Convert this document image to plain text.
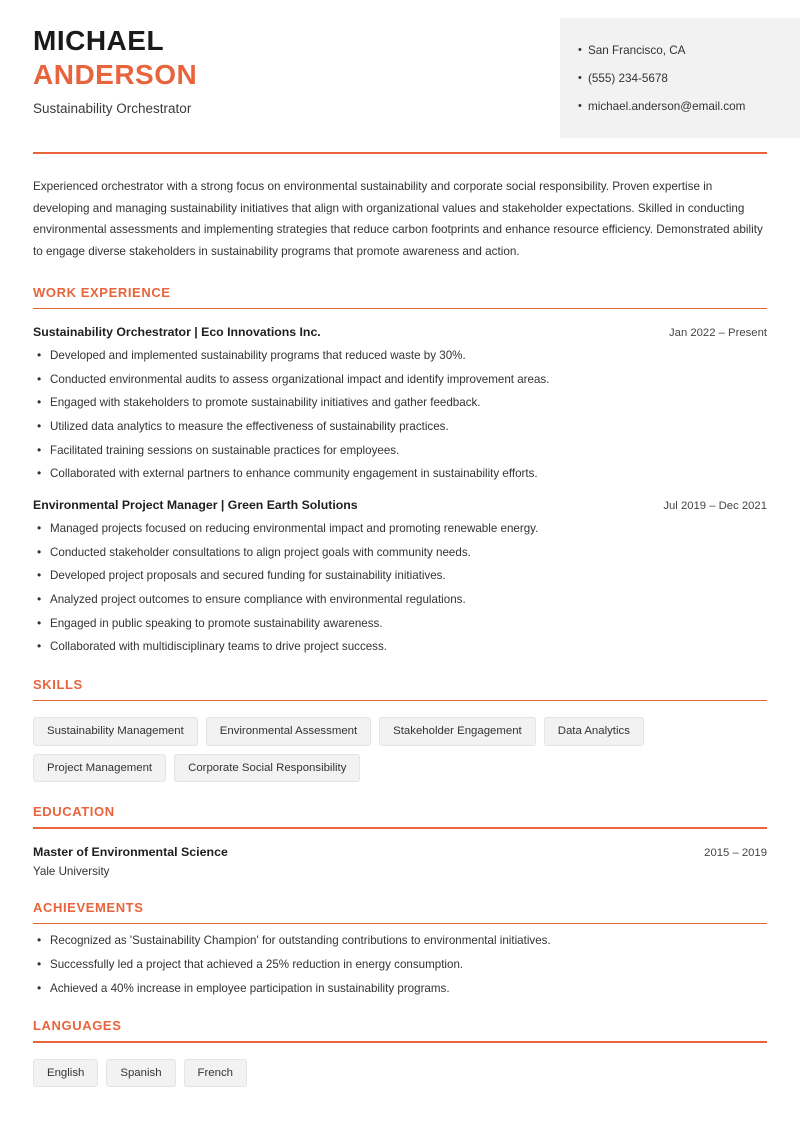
MICHAEL
ANDERSON
Sustainability Orchestrator
• San Francisco, CA
• (555) 234-5678
• michael.anderson@email.com
Experienced orchestrator with a strong focus on environmental sustainability and corporate social responsibility. Proven expertise in developing and managing sustainability initiatives that align with organizational values and stakeholder expectations. Skilled in conducting environmental assessments and implementing strategies that reduce carbon footprints and enhance resource efficiency. Demonstrated ability to engage diverse stakeholders in sustainability programs that promote awareness and action.
WORK EXPERIENCE
Sustainability Orchestrator | Eco Innovations Inc.	Jan 2022 – Present
• Developed and implemented sustainability programs that reduced waste by 30%.
• Conducted environmental audits to assess organizational impact and identify improvement areas.
• Engaged with stakeholders to promote sustainability initiatives and gather feedback.
• Utilized data analytics to measure the effectiveness of sustainability practices.
• Facilitated training sessions on sustainable practices for employees.
• Collaborated with external partners to enhance community engagement in sustainability efforts.
Environmental Project Manager | Green Earth Solutions	Jul 2019 – Dec 2021
• Managed projects focused on reducing environmental impact and promoting renewable energy.
• Conducted stakeholder consultations to align project goals with community needs.
• Developed project proposals and secured funding for sustainability initiatives.
• Analyzed project outcomes to ensure compliance with environmental regulations.
• Engaged in public speaking to promote sustainability awareness.
• Collaborated with multidisciplinary teams to drive project success.
SKILLS
Sustainability Management	Environmental Assessment	Stakeholder Engagement	Data Analytics
Project Management	Corporate Social Responsibility
EDUCATION
Master of Environmental Science	2015 – 2019
Yale University
ACHIEVEMENTS
• Recognized as 'Sustainability Champion' for outstanding contributions to environmental initiatives.
• Successfully led a project that achieved a 25% reduction in energy consumption.
• Achieved a 40% increase in employee participation in sustainability programs.
LANGUAGES
English	Spanish	French
